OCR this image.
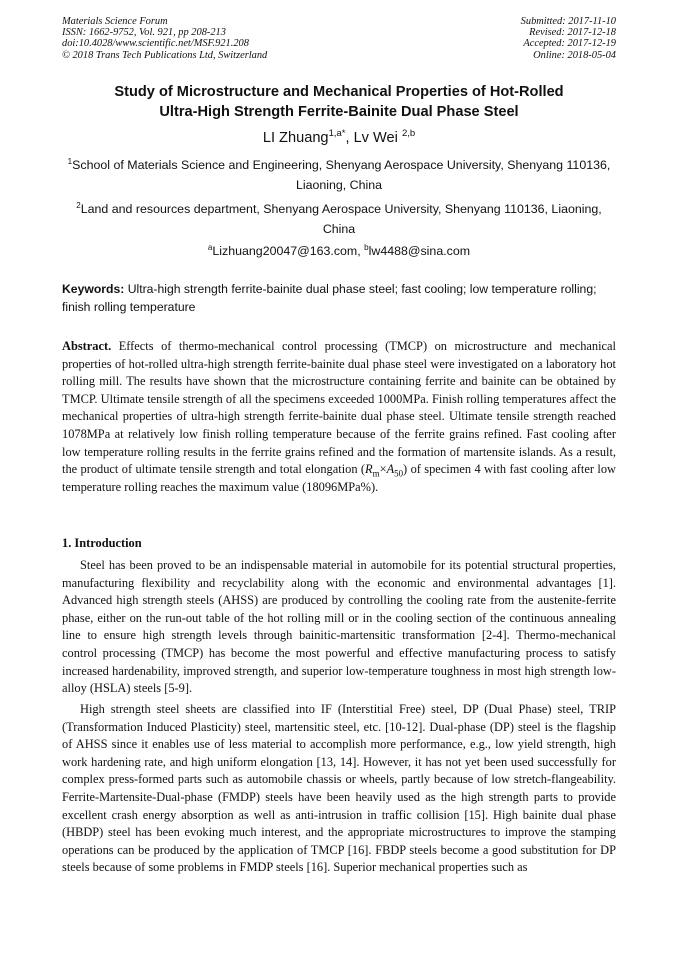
Materials Science Forum
ISSN: 1662-9752, Vol. 921, pp 208-213
doi:10.4028/www.scientific.net/MSF.921.208
© 2018 Trans Tech Publications Ltd, Switzerland
Submitted: 2017-11-10
Revised: 2017-12-18
Accepted: 2017-12-19
Online: 2018-05-04
Study of Microstructure and Mechanical Properties of Hot-Rolled
Ultra-High Strength Ferrite-Bainite Dual Phase Steel
LI Zhuang$^{1,a*}$, Lv Wei $^{2,b}$
$^1$School of Materials Science and Engineering, Shenyang Aerospace University, Shenyang 110136, Liaoning, China
$^2$Land and resources department, Shenyang Aerospace University, Shenyang 110136, Liaoning, China
$^a$Lizhuang20047@163.com, $^b$lw4488@sina.com
Keywords: Ultra-high strength ferrite-bainite dual phase steel; fast cooling; low temperature rolling; finish rolling temperature
Abstract. Effects of thermo-mechanical control processing (TMCP) on microstructure and mechanical properties of hot-rolled ultra-high strength ferrite-bainite dual phase steel were investigated on a laboratory hot rolling mill. The results have shown that the microstructure containing ferrite and bainite can be obtained by TMCP. Ultimate tensile strength of all the specimens exceeded 1000MPa. Finish rolling temperatures affect the mechanical properties of ultra-high strength ferrite-bainite dual phase steel. Ultimate tensile strength reached 1078MPa at relatively low finish rolling temperature because of the ferrite grains refined. Fast cooling after low temperature rolling results in the ferrite grains refined and the formation of martensite islands. As a result, the product of ultimate tensile strength and total elongation $(R_m\times A_{50})$ of specimen 4 with fast cooling after low temperature rolling reaches the maximum value (18096MPa%).
1. Introduction

Steel has been proved to be an indispensable material in automobile for its potential structural properties, manufacturing flexibility and recyclability along with the economic and environmental advantages [1]. Advanced high strength steels (AHSS) are produced by controlling the cooling rate from the austenite-ferrite phase, either on the run-out table of the hot rolling mill or in the cooling section of the continuous annealing line to ensure high strength levels through bainitic-martensitic transformation [2-4]. Thermo-mechanical control processing (TMCP) has become the most powerful and effective manufacturing process to satisfy increased hardenability, improved strength, and superior low-temperature toughness in most high strength low-alloy (HSLA) steels [5-9].

High strength steel sheets are classified into IF (Interstitial Free) steel, DP (Dual Phase) steel, TRIP (Transformation Induced Plasticity) steel, martensitic steel, etc. [10-12]. Dual-phase (DP) steel is the flagship of AHSS since it enables use of less material to accomplish more performance, e.g., low yield strength, high work hardening rate, and high uniform elongation [13, 14]. However, it has not yet been used successfully for complex press-formed parts such as automobile chassis or wheels, partly because of low stretch-flangeability. Ferrite-Martensite-Dual-phase (FMDP) steels have been heavily used as the high strength parts to provide excellent crash energy absorption as well as anti-intrusion in traffic collision [15]. High bainite dual phase (HBDP) steel has been evoking much interest, and the appropriate microstructures to improve the stamping operations can be produced by the application of TMCP [16]. FBDP steels become a good substitution for DP steels because of some problems in FMDP steels [16]. Superior mechanical properties such as
